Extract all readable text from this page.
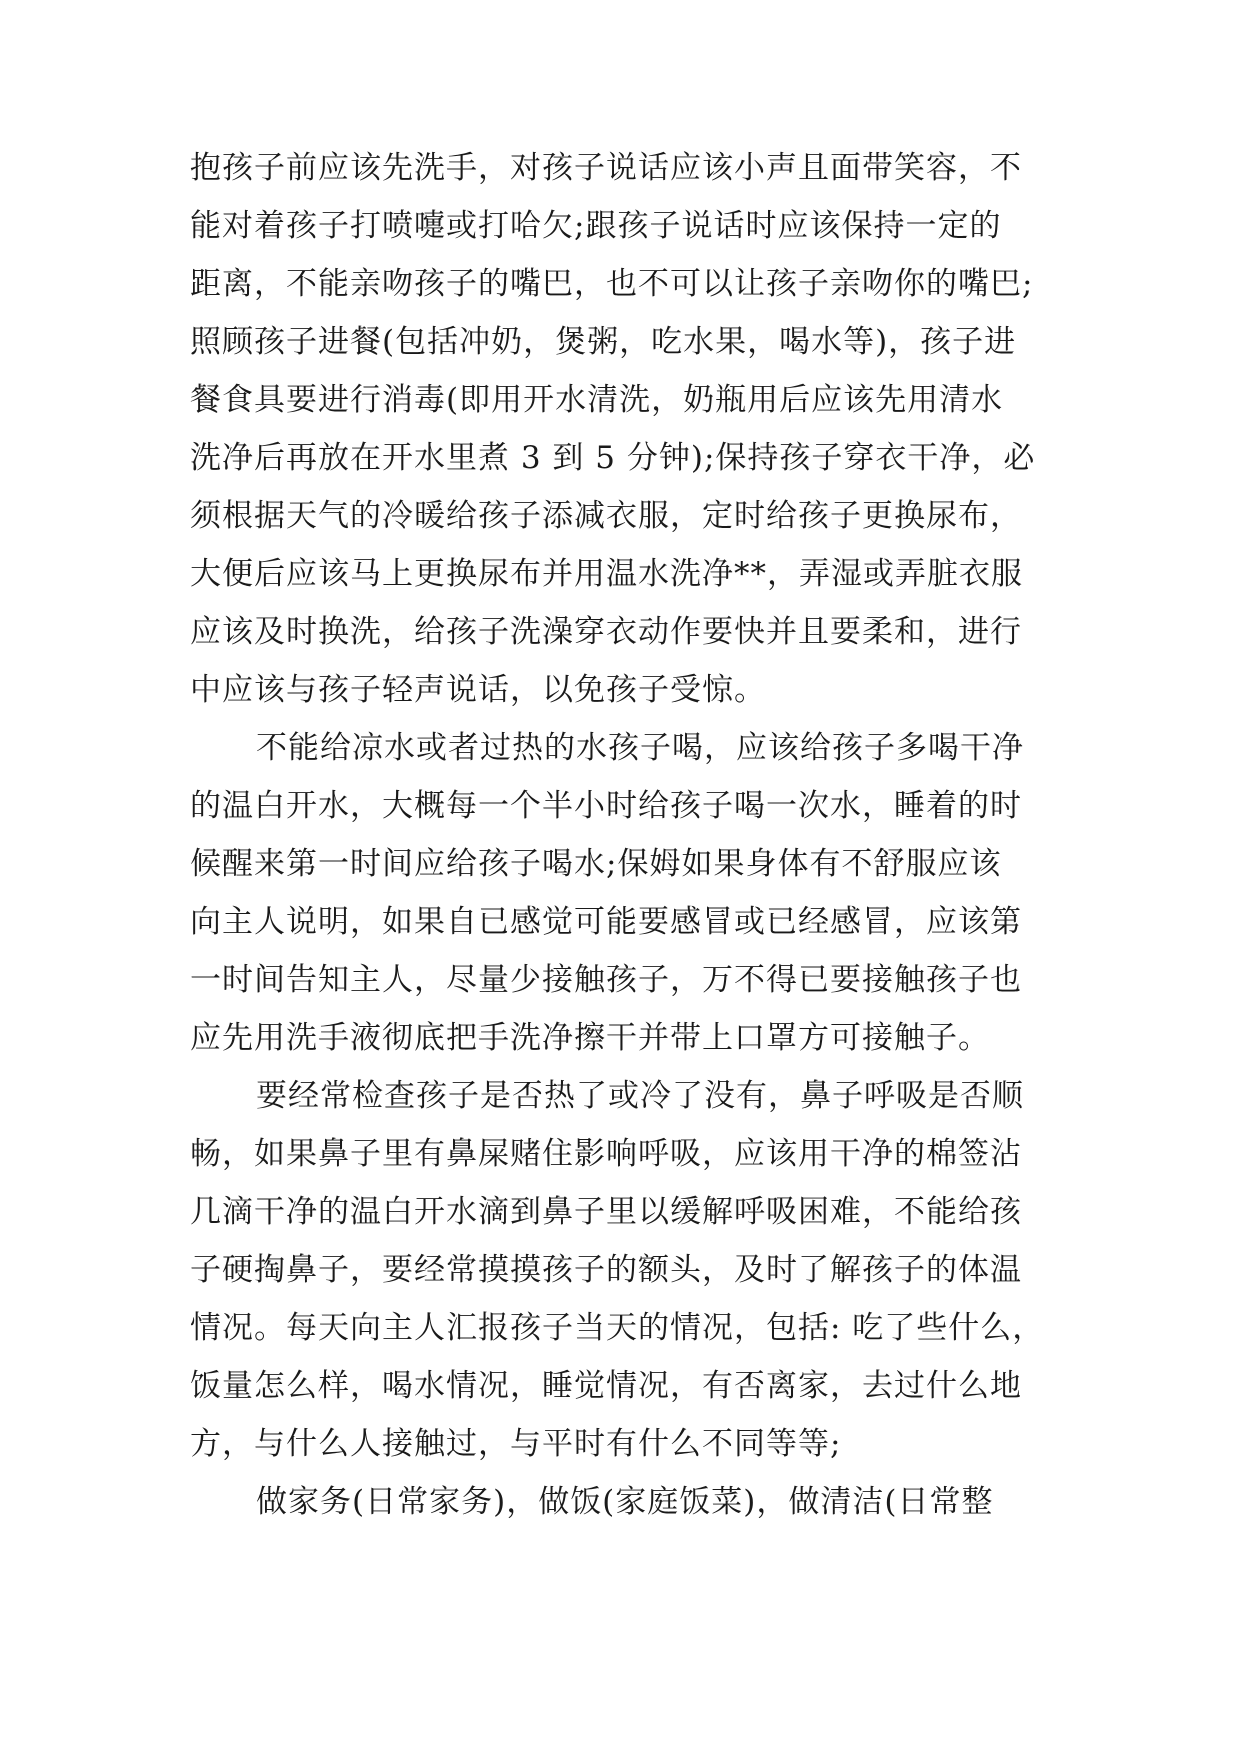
抱孩子前应该先洗手，对孩子说话应该小声且面带笑容，不
能对着孩子打喷嚏或打哈欠;跟孩子说话时应该保持一定的
距离，不能亲吻孩子的嘴巴，也不可以让孩子亲吻你的嘴巴;
照顾孩子进餐(包括冲奶，煲粥，吃水果，喝水等)，孩子进
餐食具要进行消毒(即用开水清洗，奶瓶用后应该先用清水
洗净后再放在开水里煮 3 到 5 分钟);保持孩子穿衣干净，必
须根据天气的冷暖给孩子添减衣服，定时给孩子更换尿布，
大便后应该马上更换尿布并用温水洗净**，弄湿或弄脏衣服
应该及时换洗，给孩子洗澡穿衣动作要快并且要柔和，进行
中应该与孩子轻声说话，以免孩子受惊。
不能给凉水或者过热的水孩子喝，应该给孩子多喝干净
的温白开水，大概每一个半小时给孩子喝一次水，睡着的时
候醒来第一时间应给孩子喝水;保姆如果身体有不舒服应该
向主人说明，如果自已感觉可能要感冒或已经感冒，应该第
一时间告知主人，尽量少接触孩子，万不得已要接触孩子也
应先用洗手液彻底把手洗净擦干并带上口罩方可接触子。
要经常检查孩子是否热了或冷了没有，鼻子呼吸是否顺
畅，如果鼻子里有鼻屎赌住影响呼吸，应该用干净的棉签沾
几滴干净的温白开水滴到鼻子里以缓解呼吸困难，不能给孩
子硬掏鼻子，要经常摸摸孩子的额头，及时了解孩子的体温
情况。每天向主人汇报孩子当天的情况，包括: 吃了些什么，
饭量怎么样，喝水情况，睡觉情况，有否离家，去过什么地
方，与什么人接触过，与平时有什么不同等等;
做家务(日常家务)，做饭(家庭饭菜)，做清洁(日常整
